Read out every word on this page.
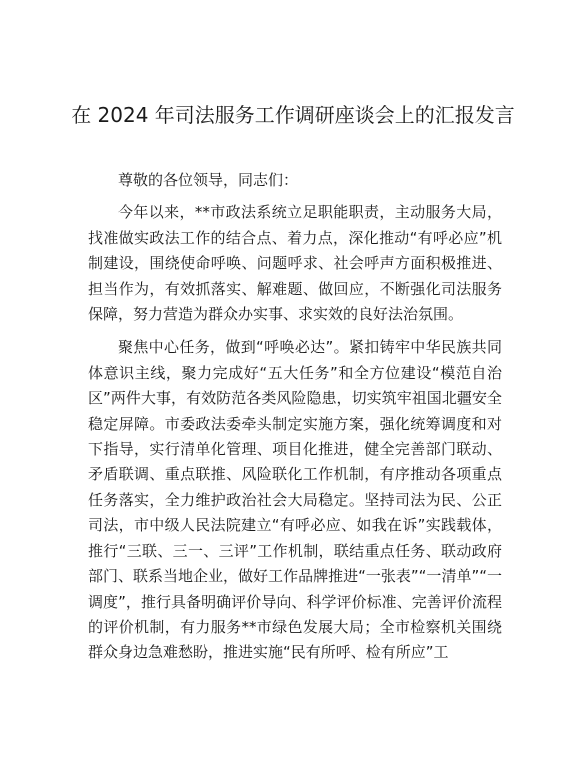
在 2024 年司法服务工作调研座谈会上的汇报发言

尊敬的各位领导，同志们：

今年以来，**市政法系统立足职能职责，主动服务大局，找准做实政法工作的结合点、着力点，深化推动“有呼必应”机制建设，围绕使命呼唤、问题呼求、社会呼声方面积极推进、担当作为，有效抓落实、解难题、做回应，不断强化司法服务保障，努力营造为群众办实事、求实效的良好法治氛围。

聚焦中心任务，做到“呼唤必达”。紧扣铸牢中华民族共同体意识主线，聚力完成好“五大任务”和全方位建设“模范自治区”两件大事，有效防范各类风险隐患，切实筑牢祖国北疆安全稳定屏障。市委政法委牵头制定实施方案，强化统筹调度和对下指导，实行清单化管理、项目化推进，健全完善部门联动、矛盾联调、重点联推、风险联化工作机制，有序推动各项重点任务落实，全力维护政治社会大局稳定。坚持司法为民、公正司法，市中级人民法院建立“有呼必应、如我在诉”实践载体，推行“三联、三一、三评”工作机制，联结重点任务、联动政府部门、联系当地企业，做好工作品牌推进“一张表”“一清单”“一调度”，推行具备明确评价导向、科学评价标准、完善评价流程的评价机制，有力服务**市绿色发展大局；全市检察机关围绕群众身边急难愁盼，推进实施“民有所呼、检有所应”工
